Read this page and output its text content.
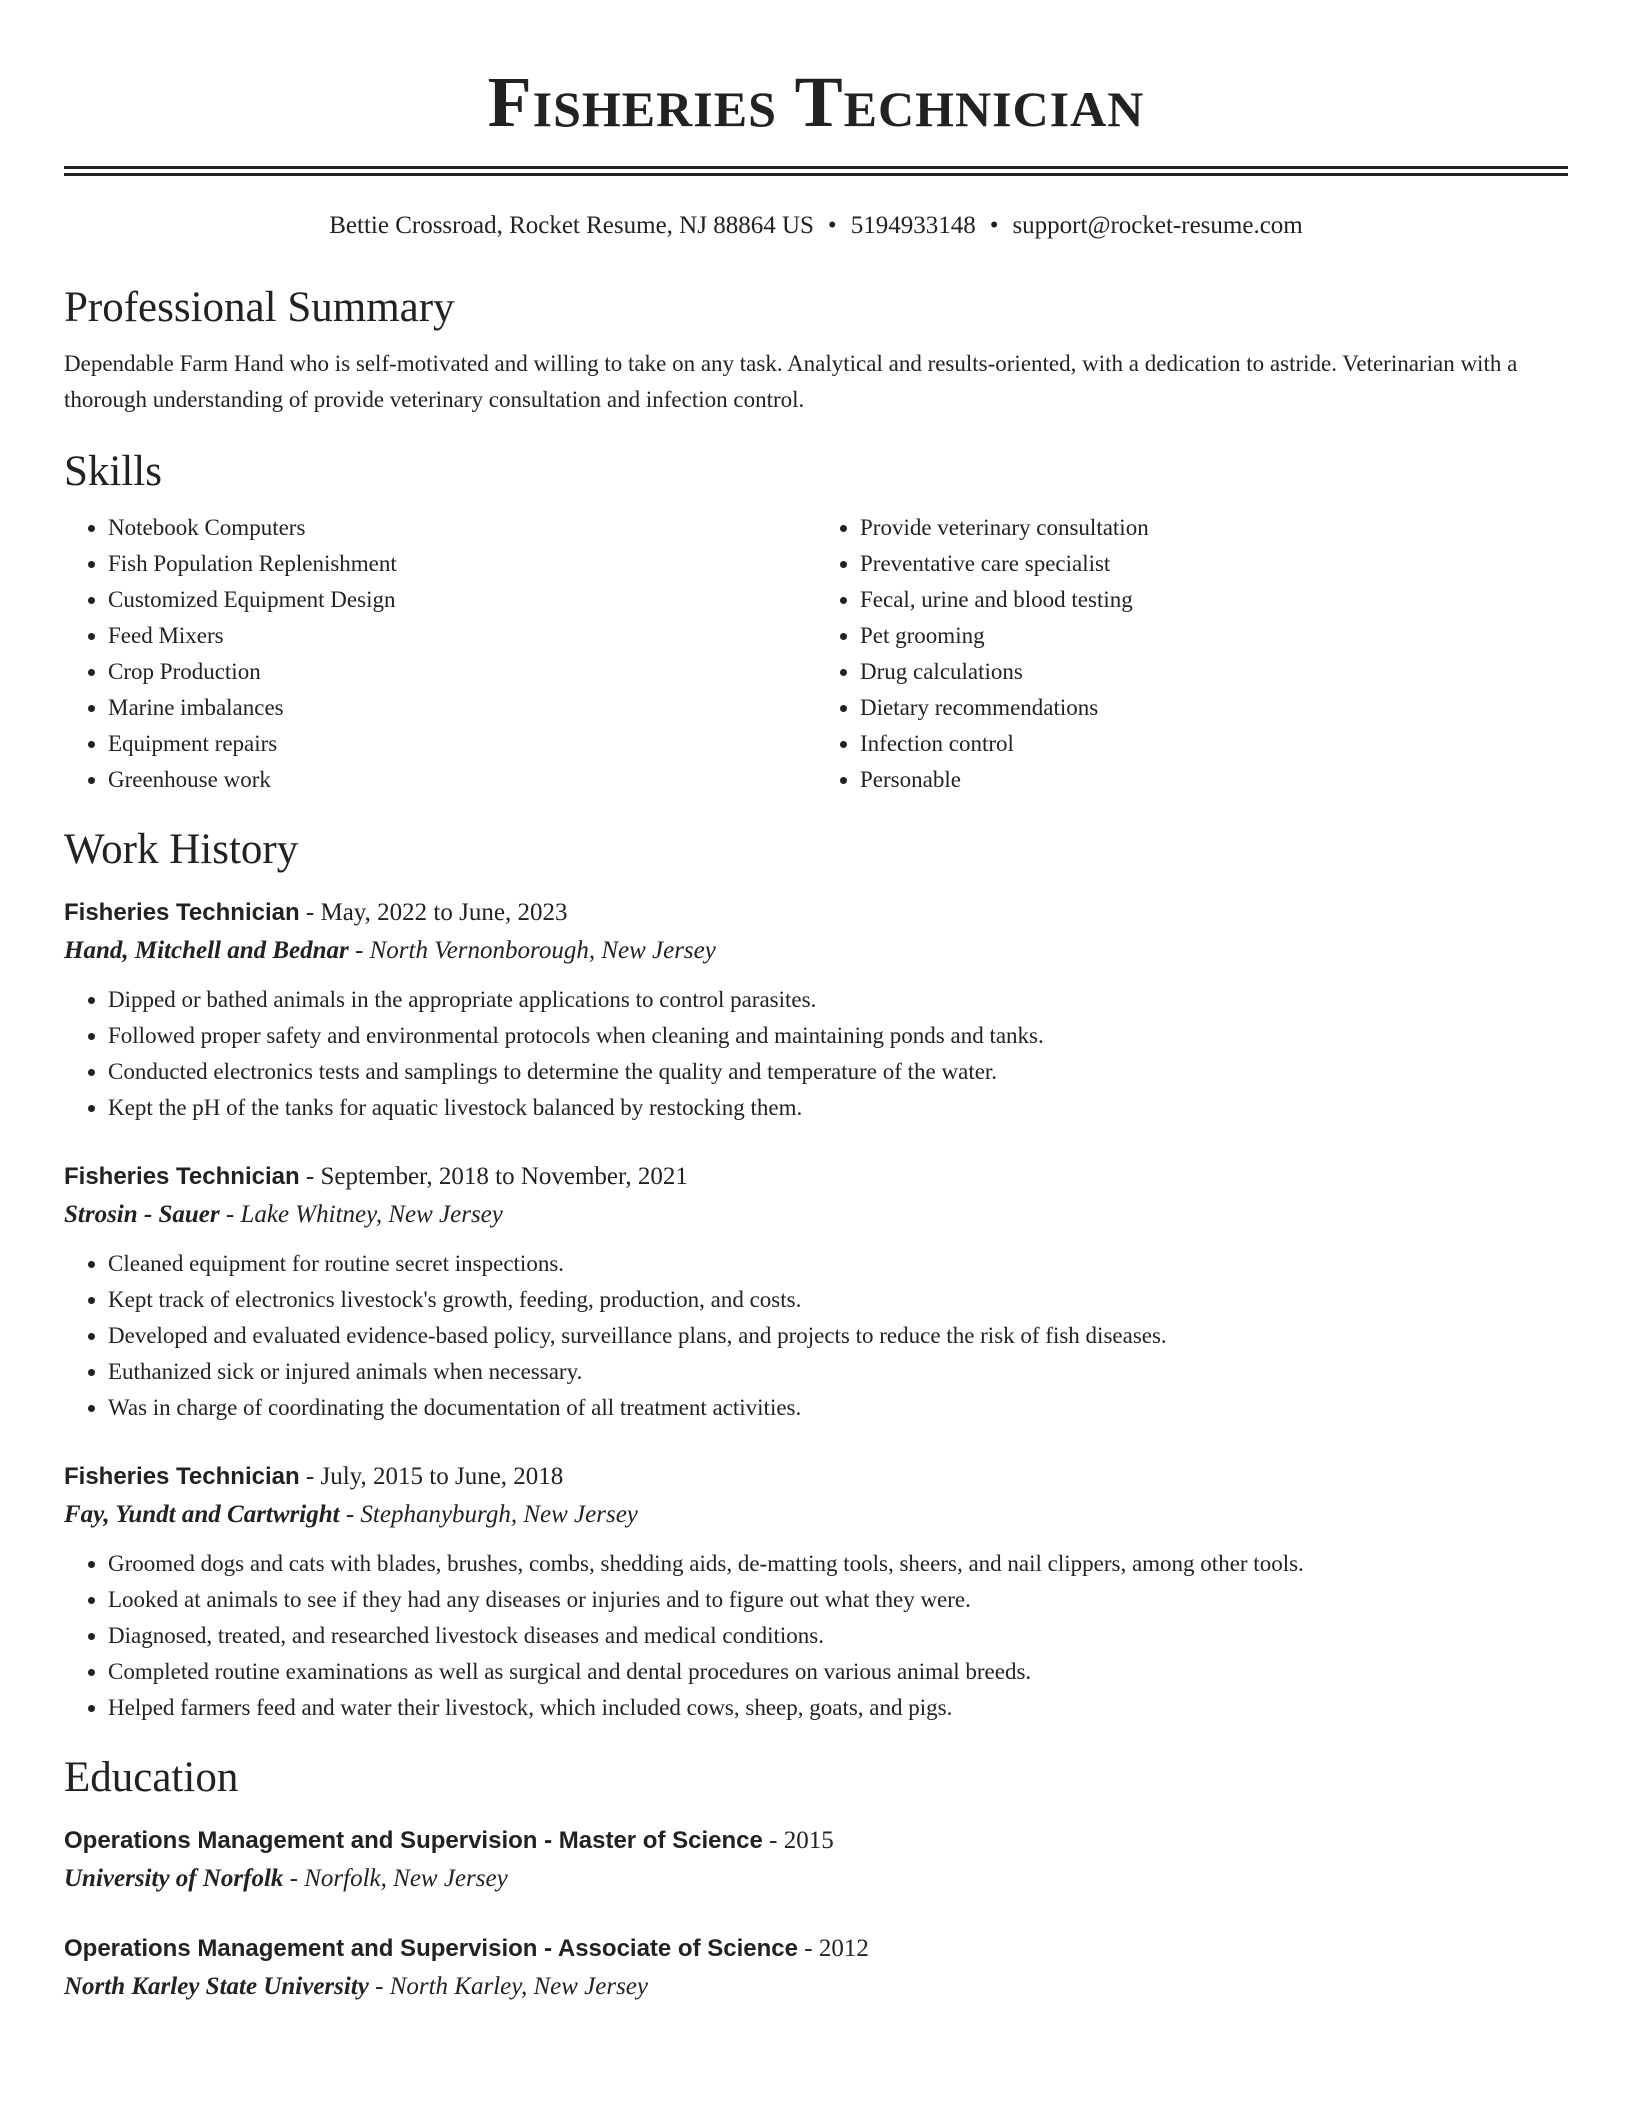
Fisheries Technician
Bettie Crossroad, Rocket Resume, NJ 88864 US • 5194933148 • support@rocket-resume.com
Professional Summary
Dependable Farm Hand who is self-motivated and willing to take on any task. Analytical and results-oriented, with a dedication to astride. Veterinarian with a thorough understanding of provide veterinary consultation and infection control.
Skills
• Notebook Computers
• Fish Population Replenishment
• Customized Equipment Design
• Feed Mixers
• Crop Production
• Marine imbalances
• Equipment repairs
• Greenhouse work
• Provide veterinary consultation
• Preventative care specialist
• Fecal, urine and blood testing
• Pet grooming
• Drug calculations
• Dietary recommendations
• Infection control
• Personable
Work History
Fisheries Technician - May, 2022 to June, 2023
Hand, Mitchell and Bednar - North Vernonborough, New Jersey
• Dipped or bathed animals in the appropriate applications to control parasites.
• Followed proper safety and environmental protocols when cleaning and maintaining ponds and tanks.
• Conducted electronics tests and samplings to determine the quality and temperature of the water.
• Kept the pH of the tanks for aquatic livestock balanced by restocking them.
Fisheries Technician - September, 2018 to November, 2021
Strosin - Sauer - Lake Whitney, New Jersey
• Cleaned equipment for routine secret inspections.
• Kept track of electronics livestock's growth, feeding, production, and costs.
• Developed and evaluated evidence-based policy, surveillance plans, and projects to reduce the risk of fish diseases.
• Euthanized sick or injured animals when necessary.
• Was in charge of coordinating the documentation of all treatment activities.
Fisheries Technician - July, 2015 to June, 2018
Fay, Yundt and Cartwright - Stephanyburgh, New Jersey
• Groomed dogs and cats with blades, brushes, combs, shedding aids, de-matting tools, sheers, and nail clippers, among other tools.
• Looked at animals to see if they had any diseases or injuries and to figure out what they were.
• Diagnosed, treated, and researched livestock diseases and medical conditions.
• Completed routine examinations as well as surgical and dental procedures on various animal breeds.
• Helped farmers feed and water their livestock, which included cows, sheep, goats, and pigs.
Education
Operations Management and Supervision - Master of Science - 2015
University of Norfolk - Norfolk, New Jersey
Operations Management and Supervision - Associate of Science - 2012
North Karley State University - North Karley, New Jersey
